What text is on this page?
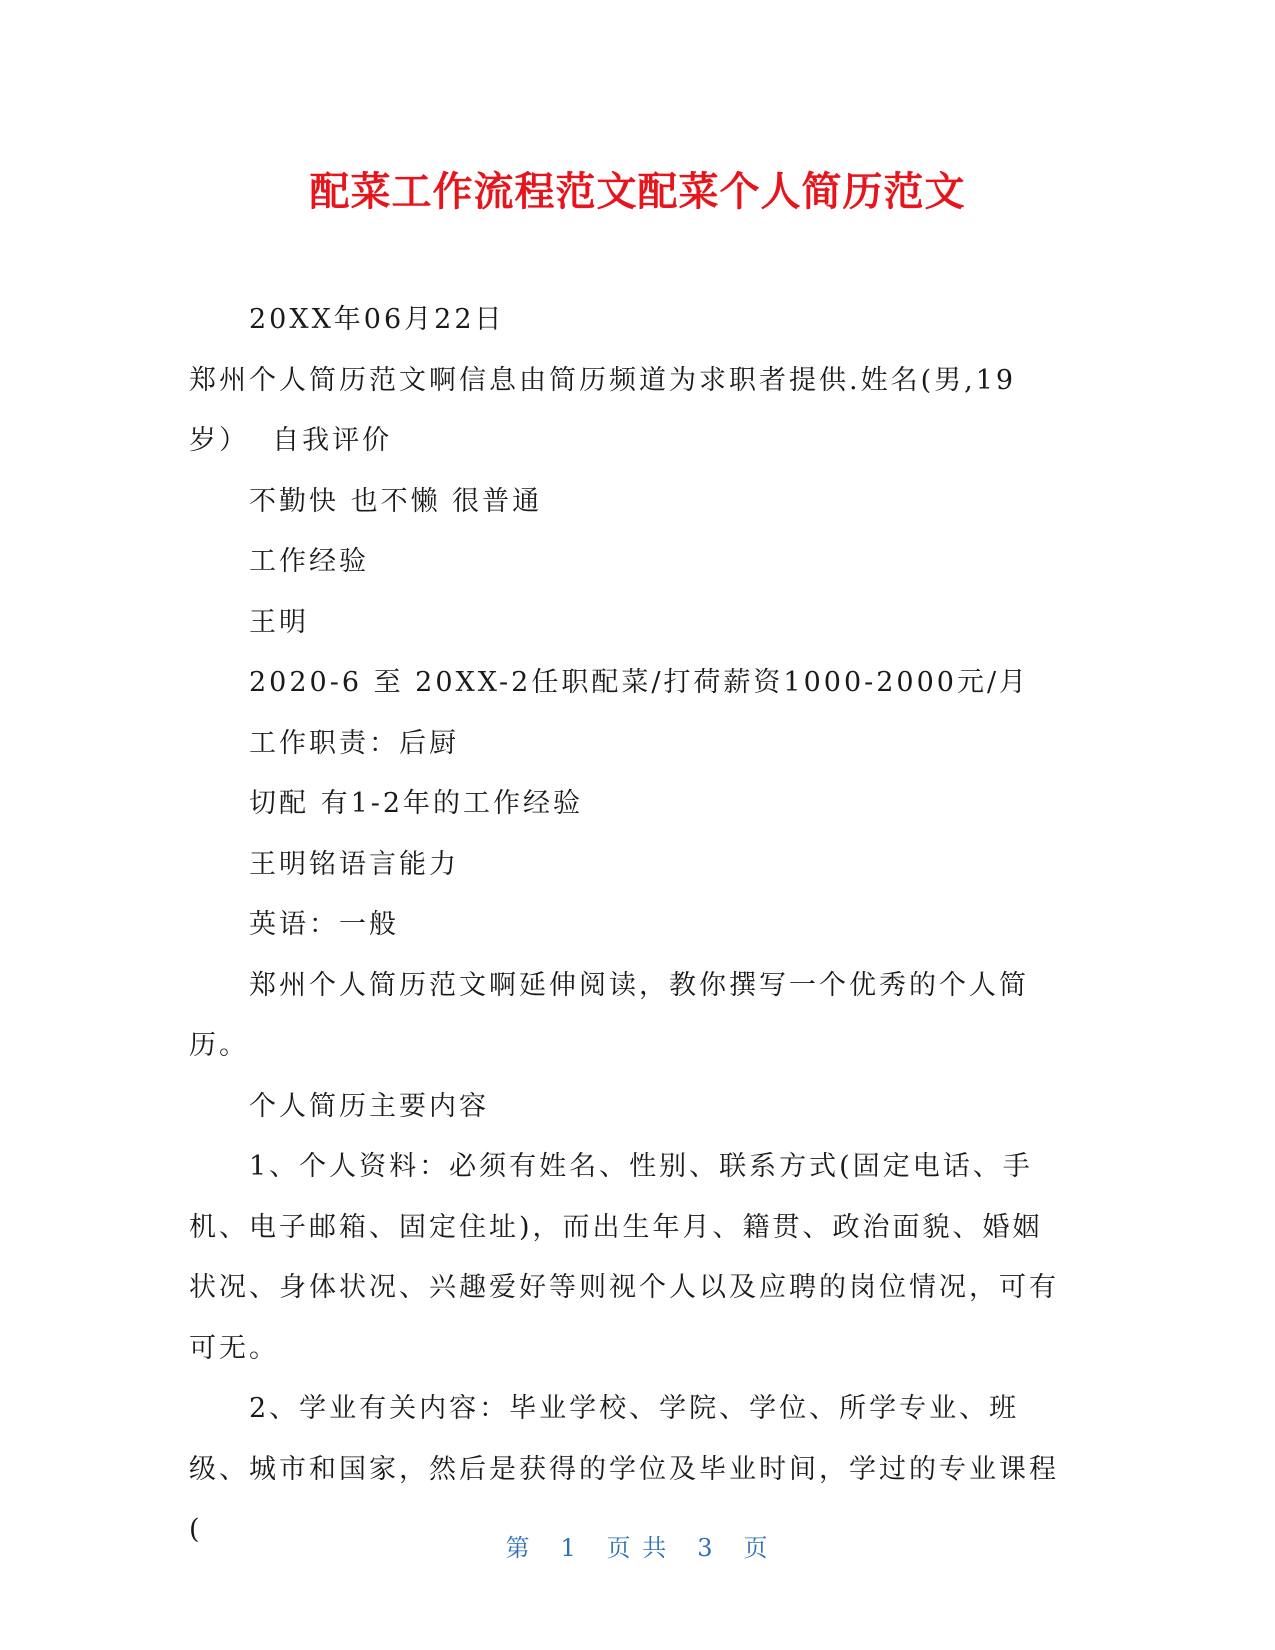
配菜工作流程范文配菜个人简历范文

20XX年06月22日

郑州个人简历范文啊信息由简历频道为求职者提供.姓名(男,19岁）  自我评价

不勤快 也不懒 很普通

工作经验

王明

2020-6 至 20XX-2任职配菜/打荷薪资1000-2000元/月

工作职责：后厨

切配 有1-2年的工作经验

王明铭语言能力

英语：一般

郑州个人简历范文啊延伸阅读，教你撰写一个优秀的个人简历。

个人简历主要内容

1、个人资料：必须有姓名、性别、联系方式(固定电话、手机、电子邮箱、固定住址)，而出生年月、籍贯、政治面貌、婚姻状况、身体状况、兴趣爱好等则视个人以及应聘的岗位情况，可有可无。

2、学业有关内容：毕业学校、学院、学位、所学专业、班级、城市和国家，然后是获得的学位及毕业时间，学过的专业课程(

第 1 页 共 3 页
